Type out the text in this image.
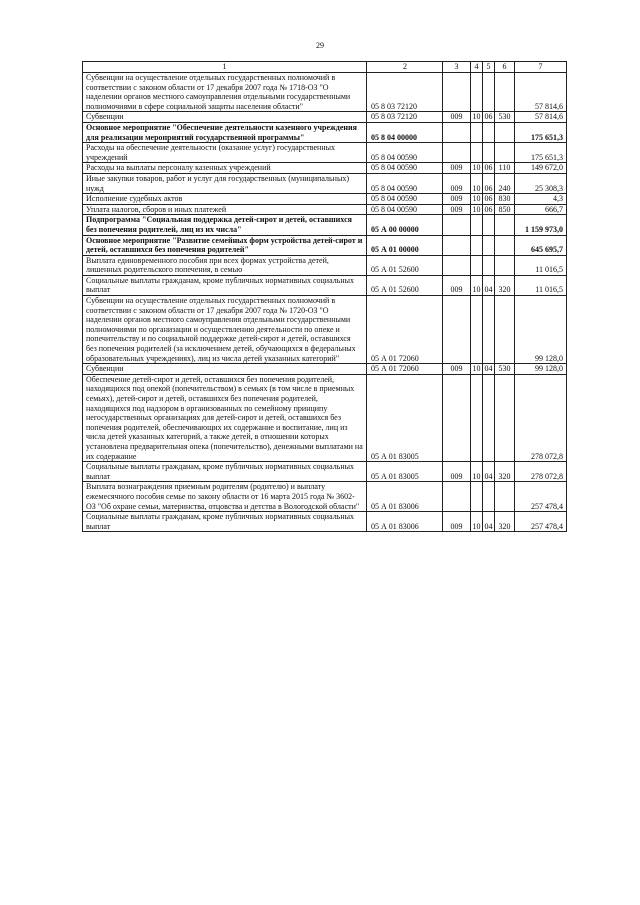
29
1	2	3	4	5	6	7
Субвенции на осуществление отдельных государственных полномочий в соответствии с законом области от 17 декабря 2007 года № 1718-ОЗ "О наделении органов местного самоуправления отдельными государственными полномочиями в сфере социальной защиты населения области"	05 8 03 72120					57 814,6
Субвенции	05 8 03 72120	009	10	06	530	57 814,6
Основное мероприятие "Обеспечение деятельности казенного учреждения для реализации мероприятий государственной программы"	05 8 04 00000					175 651,3
Расходы на обеспечение деятельности (оказание услуг) государственных учреждений	05 8 04 00590					175 651,3
Расходы на выплаты персоналу казенных учреждений	05 8 04 00590	009	10	06	110	149 672,0
Иные закупки товаров, работ и услуг для государственных (муниципальных) нужд	05 8 04 00590	009	10	06	240	25 308,3
Исполнение судебных актов	05 8 04 00590	009	10	06	830	4,3
Уплата налогов, сборов и иных платежей	05 8 04 00590	009	10	06	850	666,7
Подпрограмма "Социальная поддержка детей-сирот и детей, оставшихся без попечения родителей, лиц из их числа"	05 А 00 00000					1 159 973,0
Основное мероприятие "Развитие семейных форм устройства детей-сирот и детей, оставшихся без попечения родителей"	05 А 01 00000					645 695,7
Выплата единовременного пособия при всех формах устройства детей, лишенных родительского попечения, в семью	05 А 01 52600					11 016,5
Социальные выплаты гражданам, кроме публичных нормативных социальных выплат	05 А 01 52600	009	10	04	320	11 016,5
Субвенции на осуществление отдельных государственных полномочий в соответствии с законом области от 17 декабря 2007 года № 1720-ОЗ "О наделении органов местного самоуправления отдельными государственными полномочиями по организации и осуществлению деятельности по опеке и попечительству и по социальной поддержке детей-сирот и детей, оставшихся без попечения родителей (за исключением детей, обучающихся в федеральных образовательных учреждениях), лиц из числа детей указанных категорий"	05 А 01 72060					99 128,0
Субвенции	05 А 01 72060	009	10	04	530	99 128,0
Обеспечение детей-сирот и детей, оставшихся без попечения родителей, находящихся под опекой (попечительством) в семьях (в том числе в приемных семьях), детей-сирот и детей, оставшихся без попечения родителей, находящихся под надзором в организованных по семейному принципу негосударственных организациях для детей-сирот и детей, оставшихся без попечения родителей, обеспечивающих их содержание и воспитание, лиц из числа детей указанных категорий, а также детей, в отношении которых установлена предварительная опека (попечительство), денежными выплатами на их содержание	05 А 01 83005					278 072,8
Социальные выплаты гражданам, кроме публичных нормативных социальных выплат	05 А 01 83005	009	10	04	320	278 072,8
Выплата вознаграждения приемным родителям (родителю) и выплату ежемесячного пособия семье по закону области от 16 марта 2015 года № 3602-ОЗ "Об охране семьи, материнства, отцовства и детства в Вологодской области"	05 А 01 83006					257 478,4
Социальные выплаты гражданам, кроме публичных нормативных социальных выплат	05 А 01 83006	009	10	04	320	257 478,4
